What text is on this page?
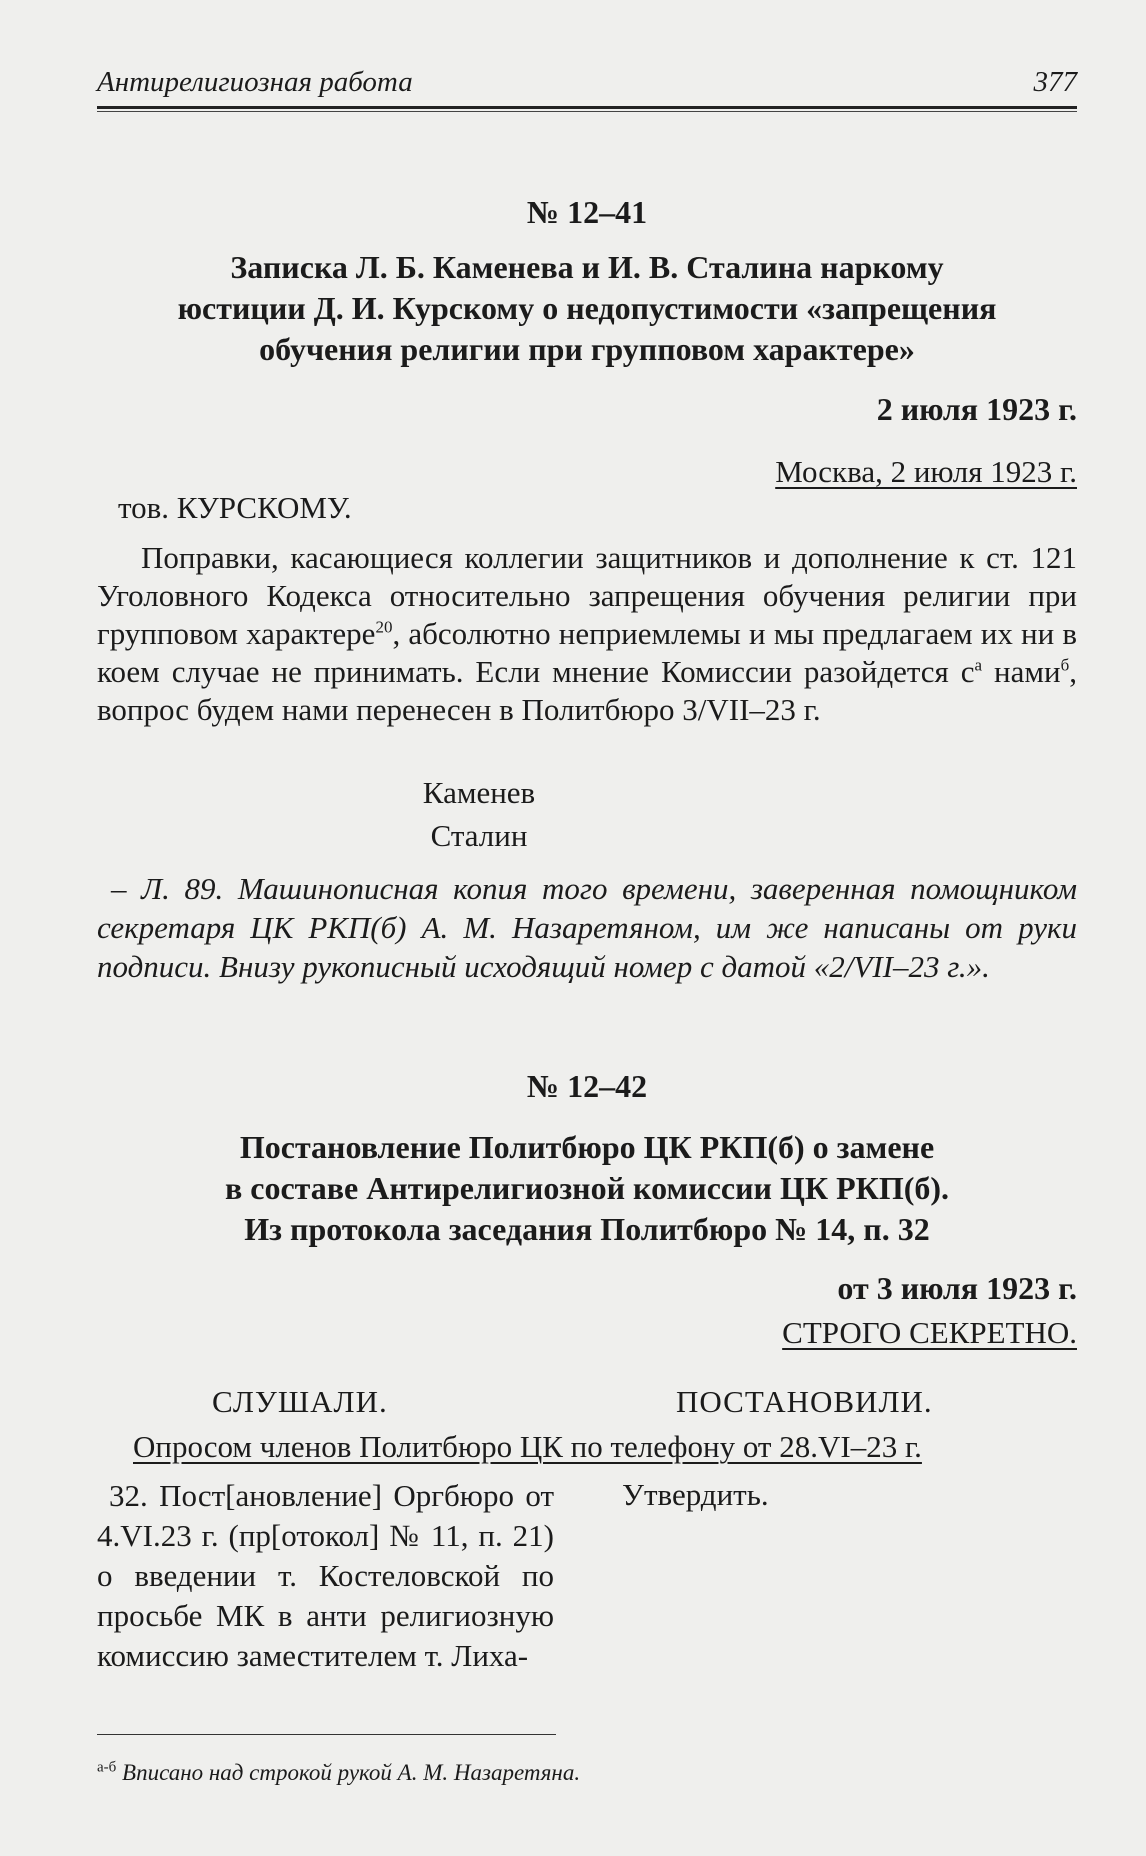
Антирелигиозная работа	377
№ 12–41
Записка Л. Б. Каменева и И. В. Сталина наркому
юстиции Д. И. Курскому о недопустимости «запрещения
обучения религии при групповом характере»
2 июля 1923 г.
Москва, 2 июля 1923 г.
тов. КУРСКОМУ.
Поправки, касающиеся коллегии защитников и дополнение к ст. 121 Уголовного Кодекса относительно запрещения обучения религии при групповом характере$^{20}$, абсолютно неприемлемы и мы предлагаем их ни в коем случае не принимать. Если мнение Комиссии разойдется $с^а$ нами$^б$, вопрос будем нами перенесен в Политбюро 3/VII–23 г.
Каменев
Сталин
– Л. 89. Машинописная копия того времени, заверенная помощником секретаря ЦК РКП(б) А. М. Назаретяном, им же написаны от руки подписи. Внизу рукописный исходящий номер с датой «2/VII–23 г.».
№ 12–42
Постановление Политбюро ЦК РКП(б) о замене
в составе Антирелигиозной комиссии ЦК РКП(б).
Из протокола заседания Политбюро № 14, п. 32
от 3 июля 1923 г.
СТРОГО СЕКРЕТНО.
СЛУШАЛИ.	ПОСТАНОВИЛИ.
Опросом членов Политбюро ЦК по телефону от 28.VI–23 г.
32. Пост[ановление] Оргбюро от 4.VI.23 г. (пр[отокол] № 11, п. 21) о введении т. Костеловской по просьбе МК в анти религиозную комиссию заместителем т. Лиха-
Утвердить.
$^{а-б}$ Вписано над строкой рукой А. М. Назаретяна.
